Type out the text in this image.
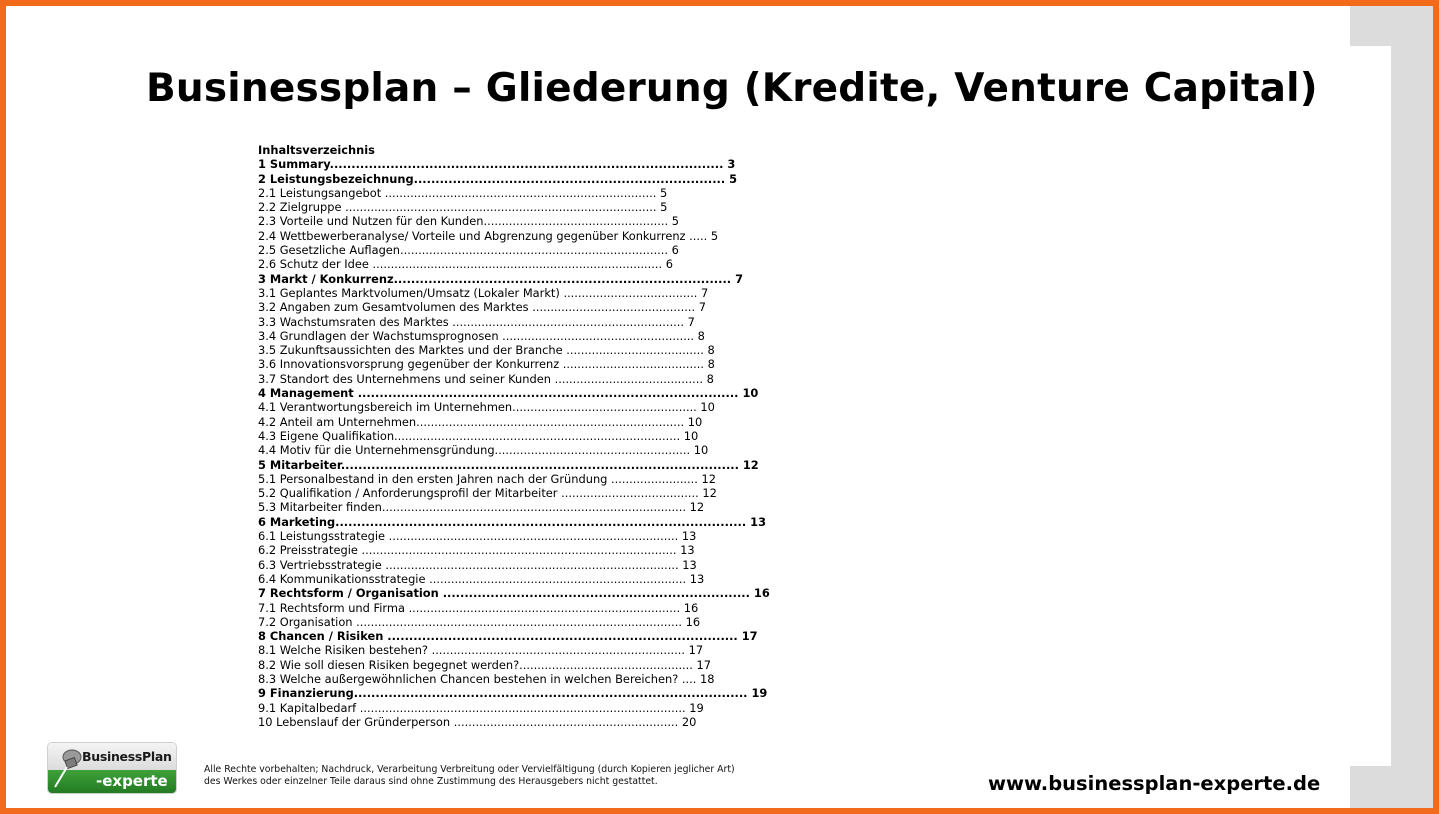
Businessplan – Gliederung (Kredite, Venture Capital)
Inhaltsverzeichnis
1 Summary........................................................................................... 3
2 Leistungsbezeichnung........................................................................ 5
2.1 Leistungsangebot ........................................................................... 5
2.2 Zielgruppe ...................................................................................... 5
2.3 Vorteile und Nutzen für den Kunden................................................... 5
2.4 Wettbewerberanalyse/ Vorteile und Abgrenzung gegenüber Konkurrenz ..... 5
2.5 Gesetzliche Auflagen.......................................................................... 6
2.6 Schutz der Idee ................................................................................ 6
3 Markt / Konkurrenz.............................................................................. 7
3.1 Geplantes Marktvolumen/Umsatz (Lokaler Markt) ..................................... 7
3.2 Angaben zum Gesamtvolumen des Marktes ............................................. 7
3.3 Wachstumsraten des Marktes ................................................................ 7
3.4 Grundlagen der Wachstumsprognosen ..................................................... 8
3.5 Zukunftsaussichten des Marktes und der Branche ...................................... 8
3.6 Innovationsvorsprung gegenüber der Konkurrenz ....................................... 8
3.7 Standort des Unternehmens und seiner Kunden ......................................... 8
4 Management ........................................................................................ 10
4.1 Verantwortungsbereich im Unternehmen................................................... 10
4.2 Anteil am Unternehmen.......................................................................... 10
4.3 Eigene Qualifikation............................................................................... 10
4.4 Motiv für die Unternehmensgründung...................................................... 10
5 Mitarbeiter............................................................................................ 12
5.1 Personalbestand in den ersten Jahren nach der Gründung ........................ 12
5.2 Qualifikation / Anforderungsprofil der Mitarbeiter ...................................... 12
5.3 Mitarbeiter finden.................................................................................... 12
6 Marketing............................................................................................... 13
6.1 Leistungsstrategie ................................................................................ 13
6.2 Preisstrategie ....................................................................................... 13
6.3 Vertriebsstrategie ................................................................................. 13
6.4 Kommunikationsstrategie ....................................................................... 13
7 Rechtsform / Organisation ....................................................................... 16
7.1 Rechtsform und Firma ........................................................................... 16
7.2 Organisation .......................................................................................... 16
8 Chancen / Risiken ................................................................................. 17
8.1 Welche Risiken bestehen? ...................................................................... 17
8.2 Wie soll diesen Risiken begegnet werden?................................................ 17
8.3 Welche außergewöhnlichen Chancen bestehen in welchen Bereichen? .... 18
9 Finanzierung........................................................................................... 19
9.1 Kapitalbedarf .......................................................................................... 19
10 Lebenslauf der Gründerperson .............................................................. 20
BusinessPlan
-experte
Alle Rechte vorbehalten; Nachdruck, Verarbeitung Verbreitung oder Vervielfältigung (durch Kopieren jeglicher Art)
des Werkes oder einzelner Teile daraus sind ohne Zustimmung des Herausgebers nicht gestattet.	www.businessplan-experte.de
